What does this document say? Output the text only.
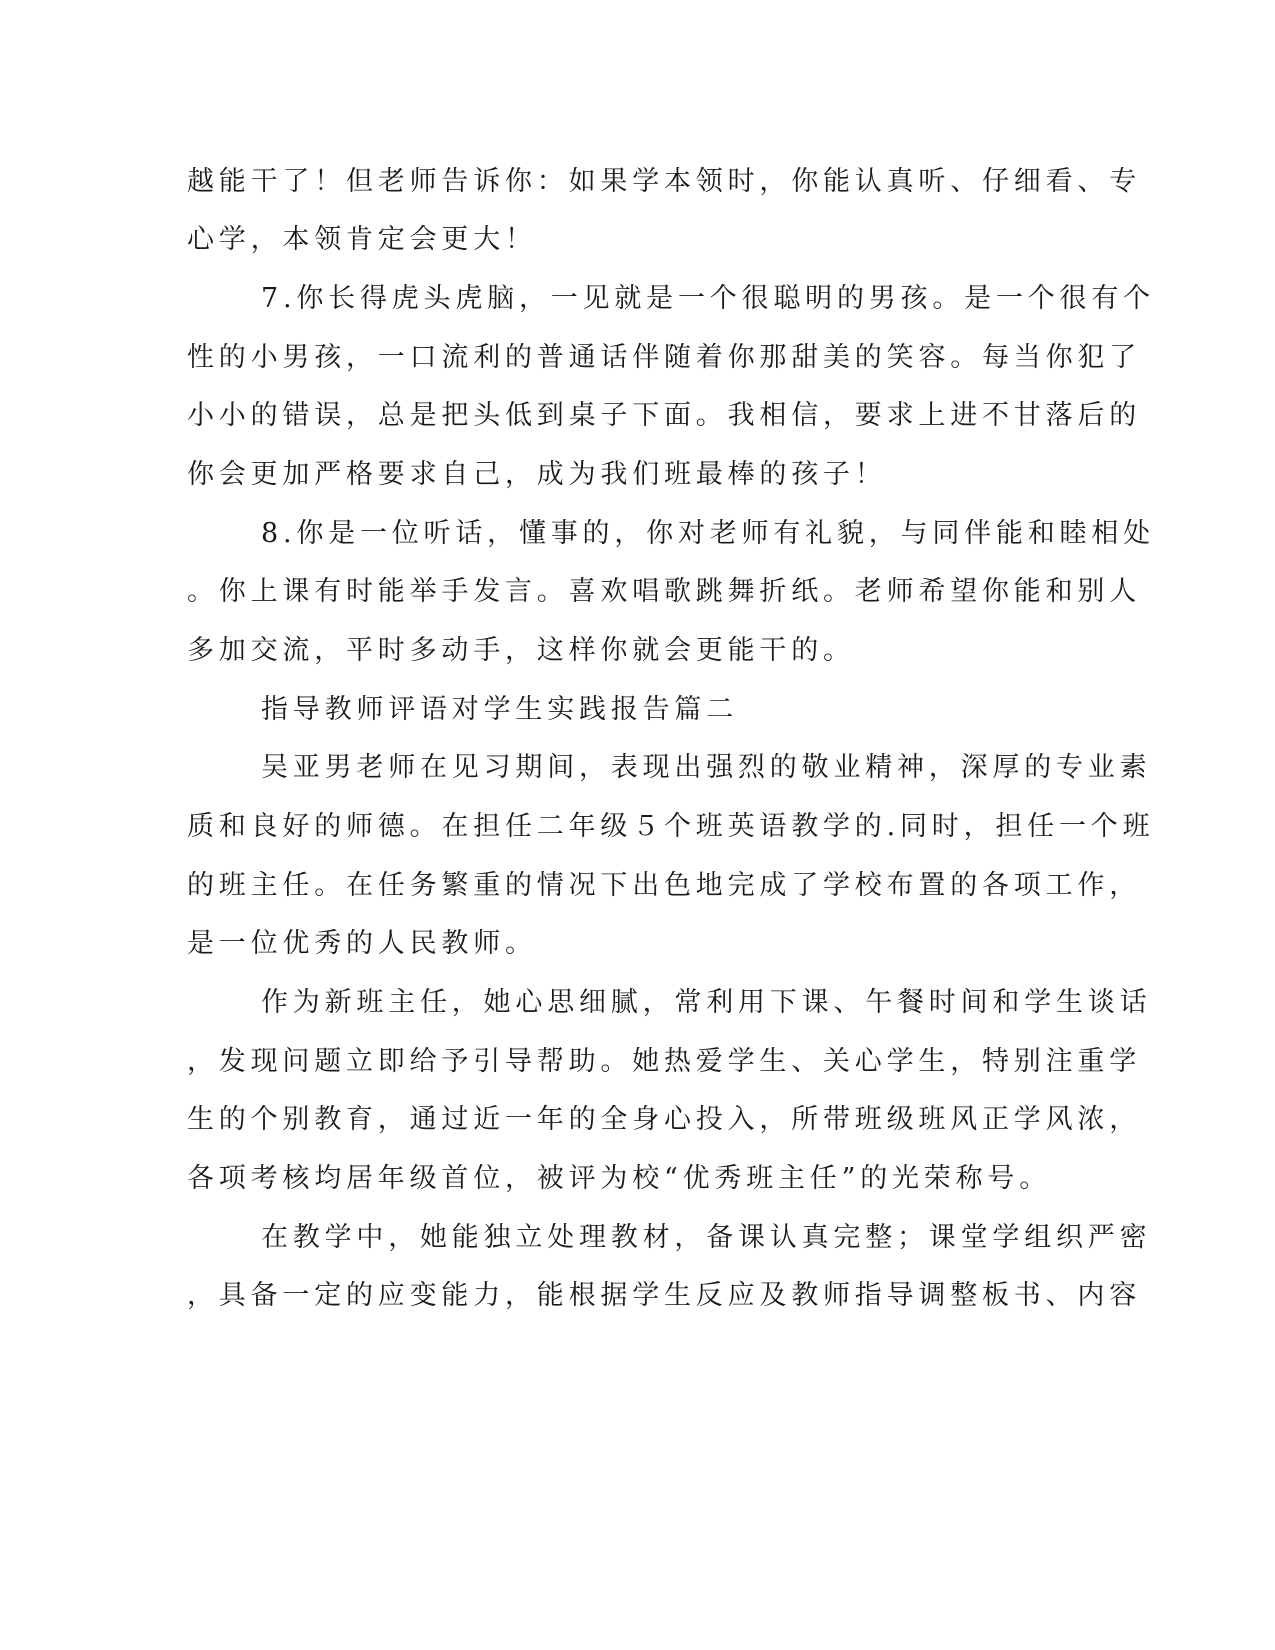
越能干了！但老师告诉你：如果学本领时，你能认真听、仔细看、专
心学，本领肯定会更大！
7.你长得虎头虎脑，一见就是一个很聪明的男孩。是一个很有个
性的小男孩，一口流利的普通话伴随着你那甜美的笑容。每当你犯了
小小的错误，总是把头低到桌子下面。我相信，要求上进不甘落后的
你会更加严格要求自己，成为我们班最棒的孩子！
8.你是一位听话，懂事的，你对老师有礼貌，与同伴能和睦相处
。你上课有时能举手发言。喜欢唱歌跳舞折纸。老师希望你能和别人
多加交流，平时多动手，这样你就会更能干的。
指导教师评语对学生实践报告篇二
吴亚男老师在见习期间，表现出强烈的敬业精神，深厚的专业素
质和良好的师德。在担任二年级５个班英语教学的.同时，担任一个班
的班主任。在任务繁重的情况下出色地完成了学校布置的各项工作，
是一位优秀的人民教师。
作为新班主任，她心思细腻，常利用下课、午餐时间和学生谈话
，发现问题立即给予引导帮助。她热爱学生、关心学生，特别注重学
生的个别教育，通过近一年的全身心投入，所带班级班风正学风浓，
各项考核均居年级首位，被评为校“优秀班主任”的光荣称号。
在教学中，她能独立处理教材，备课认真完整；课堂学组织严密
，具备一定的应变能力，能根据学生反应及教师指导调整板书、内容
